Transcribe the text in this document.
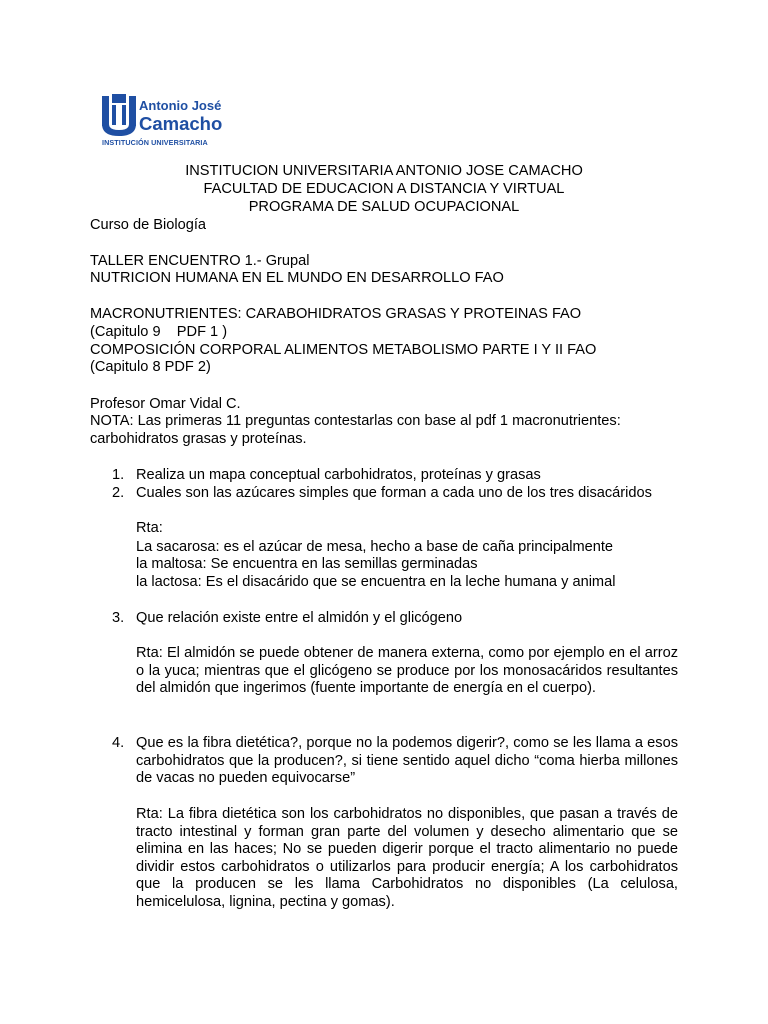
Antonio José
Camacho
INSTITUCIÓN UNIVERSITARIA
INSTITUCION UNIVERSITARIA ANTONIO JOSE CAMACHO
FACULTAD DE EDUCACION A DISTANCIA Y VIRTUAL
PROGRAMA DE SALUD OCUPACIONAL
Curso de Biología
TALLER ENCUENTRO 1.- Grupal
NUTRICION HUMANA EN EL MUNDO EN DESARROLLO FAO
MACRONUTRIENTES: CARABOHIDRATOS GRASAS Y PROTEINAS FAO
(Capitulo 9    PDF 1 )
COMPOSICIÓN CORPORAL ALIMENTOS METABOLISMO PARTE I Y II FAO
(Capitulo 8 PDF 2)
Profesor Omar Vidal C.
NOTA: Las primeras 11 preguntas contestarlas con base al pdf 1 macronutrientes:
carbohidratos grasas y proteínas.
1. Realiza un mapa conceptual carbohidratos, proteínas y grasas
2. Cuales son las azúcares simples que forman a cada uno de los tres disacáridos
Rta:
La sacarosa: es el azúcar de mesa, hecho a base de caña principalmente
la maltosa: Se encuentra en las semillas germinadas
la lactosa: Es el disacárido que se encuentra en la leche humana y animal
3. Que relación existe entre el almidón y el glicógeno
Rta: El almidón se puede obtener de manera externa, como por ejemplo en el arroz o la yuca; mientras que el glicógeno se produce por los monosacáridos resultantes del almidón que ingerimos (fuente importante de energía en el cuerpo).
4. Que es la fibra dietética?, porque no la podemos digerir?, como se les llama a esos carbohidratos que la producen?, si tiene sentido aquel dicho “coma hierba millones de vacas no pueden equivocarse”
Rta: La fibra dietética son los carbohidratos no disponibles, que pasan a través de tracto intestinal y forman gran parte del volumen y desecho alimentario que se elimina en las haces; No se pueden digerir porque el tracto alimentario no puede dividir estos carbohidratos o utilizarlos para producir energía; A los carbohidratos que la producen se les llama Carbohidratos no disponibles (La celulosa, hemicelulosa, lignina, pectina y gomas).
